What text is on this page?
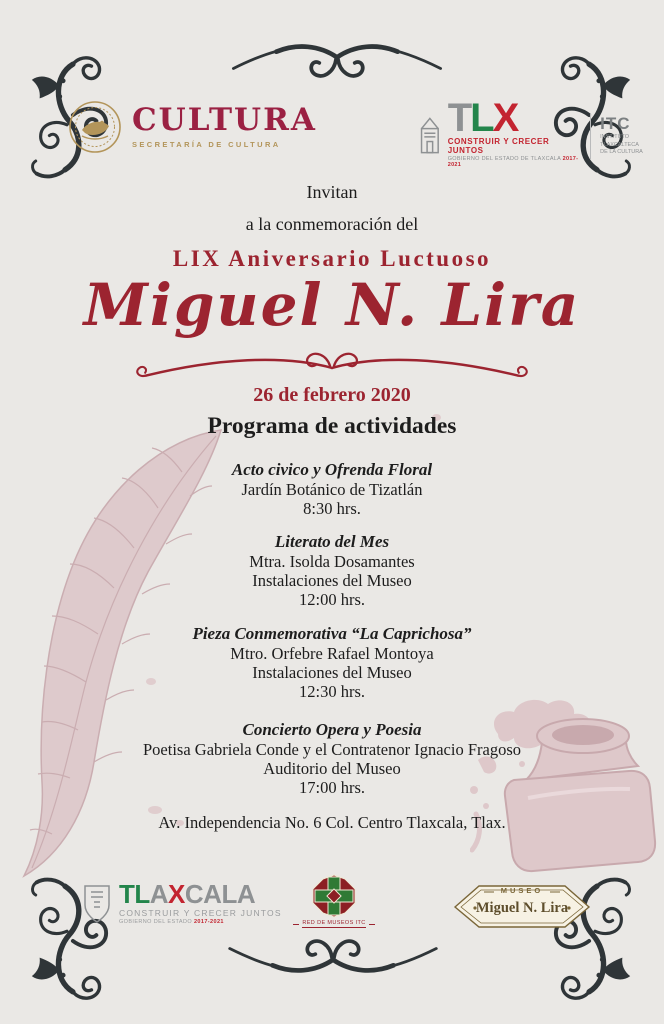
CULTURA
SECRETARÍA DE CULTURA
TLX
CONSTRUIR Y CRECER JUNTOS
GOBIERNO DEL ESTADO DE TLAXCALA 2017-2021
ITC
INSTITUTO TLAXCALTECA
DE LA CULTURA
Invitan
a la conmemoración del
LIX Aniversario Luctuoso
Miguel N. Lira
26 de febrero 2020
Programa de actividades
Acto civico y Ofrenda Floral
Jardín Botánico de Tizatlán
8:30 hrs.
Literato del Mes
Mtra. Isolda Dosamantes
Instalaciones del Museo
12:00 hrs.
Pieza Conmemorativa “La Caprichosa”
Mtro. Orfebre Rafael Montoya
Instalaciones del Museo
12:30 hrs.
Concierto Opera y Poesia
Poetisa Gabriela Conde y el Contratenor Ignacio Fragoso
Auditorio del Museo
17:00 hrs.
Av. Independencia No. 6 Col. Centro Tlaxcala, Tlax.
TLAXCALA
CONSTRUIR Y CRECER JUNTOS
GOBIERNO DEL ESTADO 2017-2021	RED DE MUSEOS ITC
MUSEO
Miguel N. Lira
